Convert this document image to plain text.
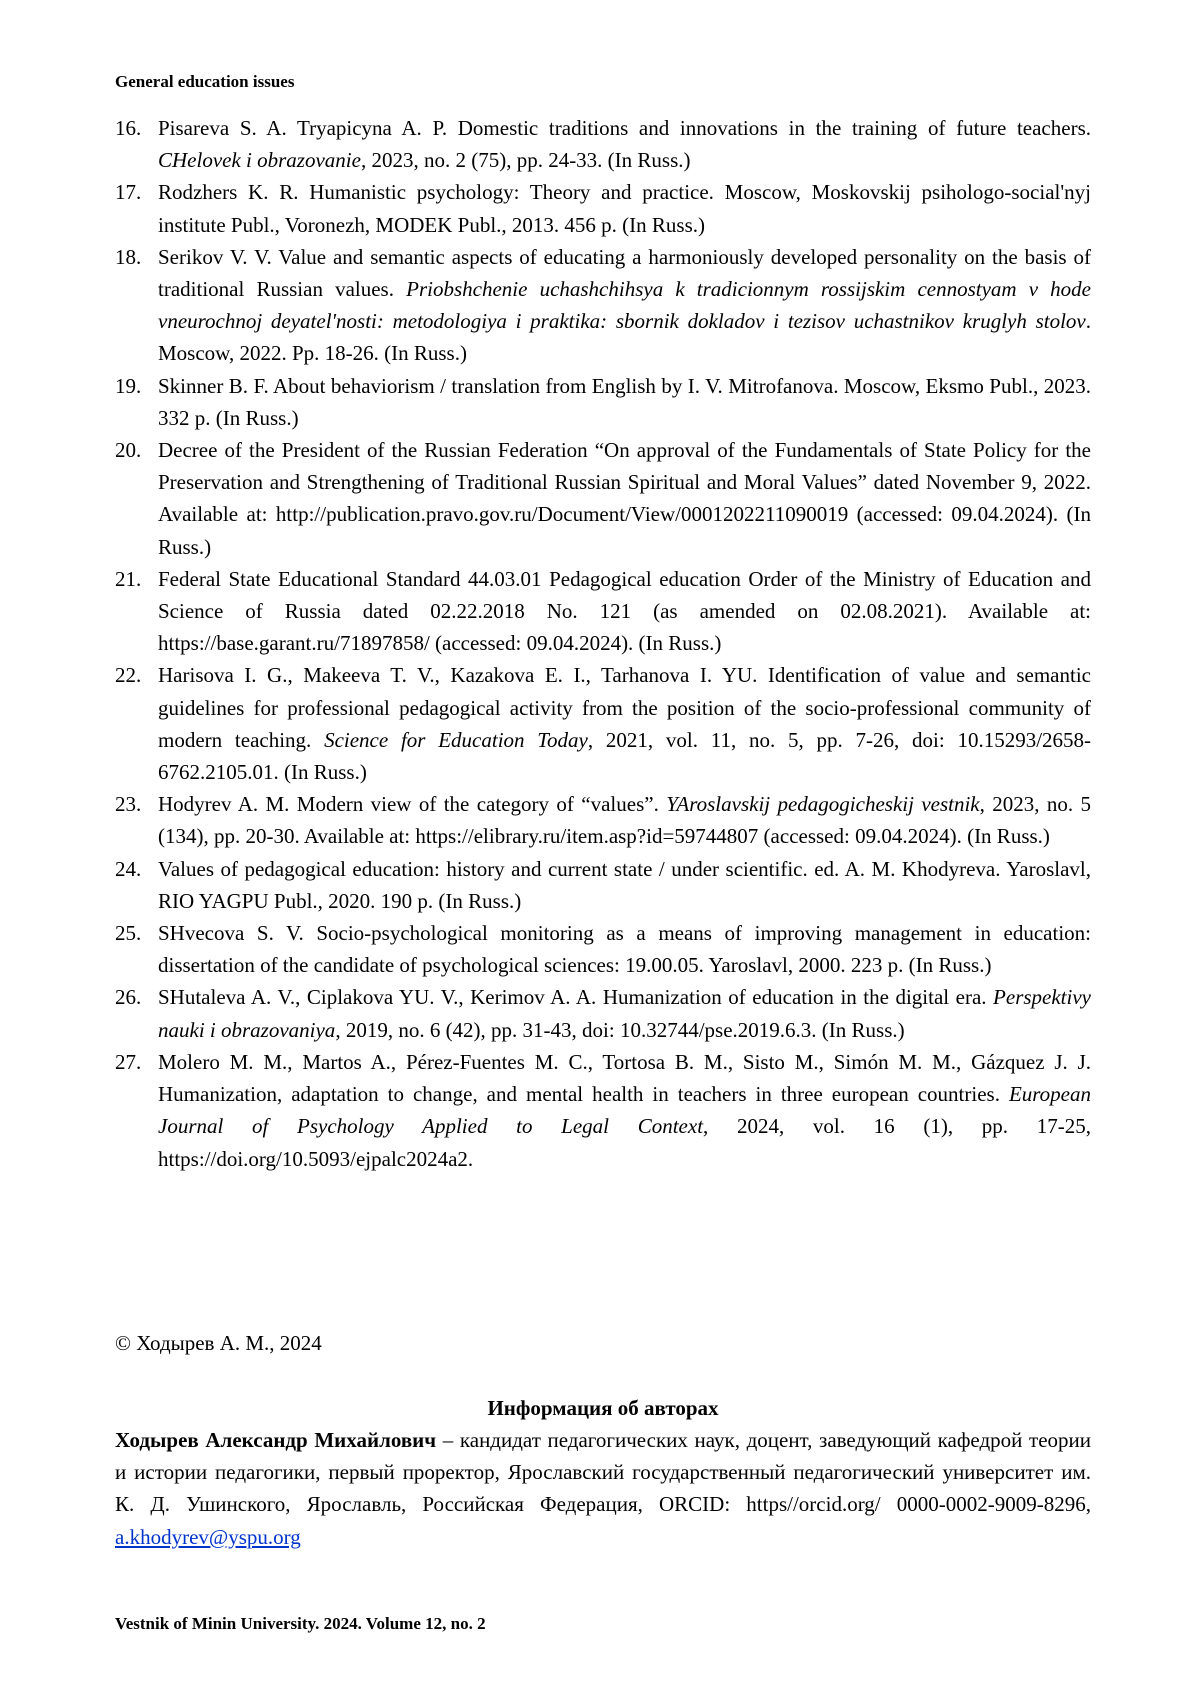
General education issues
16. Pisareva S. A. Tryapicyna A. P. Domestic traditions and innovations in the training of future teachers. CHelovek i obrazovanie, 2023, no. 2 (75), pp. 24-33. (In Russ.)
17. Rodzhers K. R. Humanistic psychology: Theory and practice. Moscow, Moskovskij psihologo-social'nyj institute Publ., Voronezh, MODEK Publ., 2013. 456 p. (In Russ.)
18. Serikov V. V. Value and semantic aspects of educating a harmoniously developed personality on the basis of traditional Russian values. Priobshchenie uchashchihsya k tradicionnym rossijskim cennostyam v hode vneurochnoj deyatel'nosti: metodologiya i praktika: sbornik dokladov i tezisov uchastnikov kruglyh stolov. Moscow, 2022. Pp. 18-26. (In Russ.)
19. Skinner B. F. About behaviorism / translation from English by I. V. Mitrofanova. Moscow, Eksmo Publ., 2023. 332 p. (In Russ.)
20. Decree of the President of the Russian Federation “On approval of the Fundamentals of State Policy for the Preservation and Strengthening of Traditional Russian Spiritual and Moral Values” dated November 9, 2022. Available at: http://publication.pravo.gov.ru/Document/View/0001202211090019 (accessed: 09.04.2024). (In Russ.)
21. Federal State Educational Standard 44.03.01 Pedagogical education Order of the Ministry of Education and Science of Russia dated 02.22.2018 No. 121 (as amended on 02.08.2021). Available at: https://base.garant.ru/71897858/ (accessed: 09.04.2024). (In Russ.)
22. Harisova I. G., Makeeva T. V., Kazakova E. I., Tarhanova I. YU. Identification of value and semantic guidelines for professional pedagogical activity from the position of the socio-professional community of modern teaching. Science for Education Today, 2021, vol. 11, no. 5, pp. 7-26, doi: 10.15293/2658-6762.2105.01. (In Russ.)
23. Hodyrev A. M. Modern view of the category of “values”. YAroslavskij pedagogicheskij vestnik, 2023, no. 5 (134), pp. 20-30. Available at: https://elibrary.ru/item.asp?id=59744807 (accessed: 09.04.2024). (In Russ.)
24. Values of pedagogical education: history and current state / under scientific. ed. A. M. Khodyreva. Yaroslavl, RIO YAGPU Publ., 2020. 190 p. (In Russ.)
25. SHvecova S. V. Socio-psychological monitoring as a means of improving management in education: dissertation of the candidate of psychological sciences: 19.00.05. Yaroslavl, 2000. 223 p. (In Russ.)
26. SHutaleva A. V., Ciplakova YU. V., Kerimov A. A. Humanization of education in the digital era. Perspektivy nauki i obrazovaniya, 2019, no. 6 (42), pp. 31-43, doi: 10.32744/pse.2019.6.3. (In Russ.)
27. Molero M. M., Martos A., Pérez-Fuentes M. C., Tortosa B. M., Sisto M., Simón M. M., Gázquez J. J. Humanization, adaptation to change, and mental health in teachers in three european countries. European Journal of Psychology Applied to Legal Context, 2024, vol. 16 (1), pp. 17-25, https://doi.org/10.5093/ejpalc2024a2.

© Ходырев А. М., 2024

Информация об авторах

Ходырев Александр Михайлович – кандидат педагогических наук, доцент, заведующий кафедрой теории и истории педагогики, первый проректор, Ярославский государственный педагогический университет им. К. Д. Ушинского, Ярославль, Российская Федерация, ORCID: https//orcid.org/ 0000-0002-9009-8296, a.khodyrev@yspu.org

Vestnik of Minin University. 2024. Volume 12, no. 2
